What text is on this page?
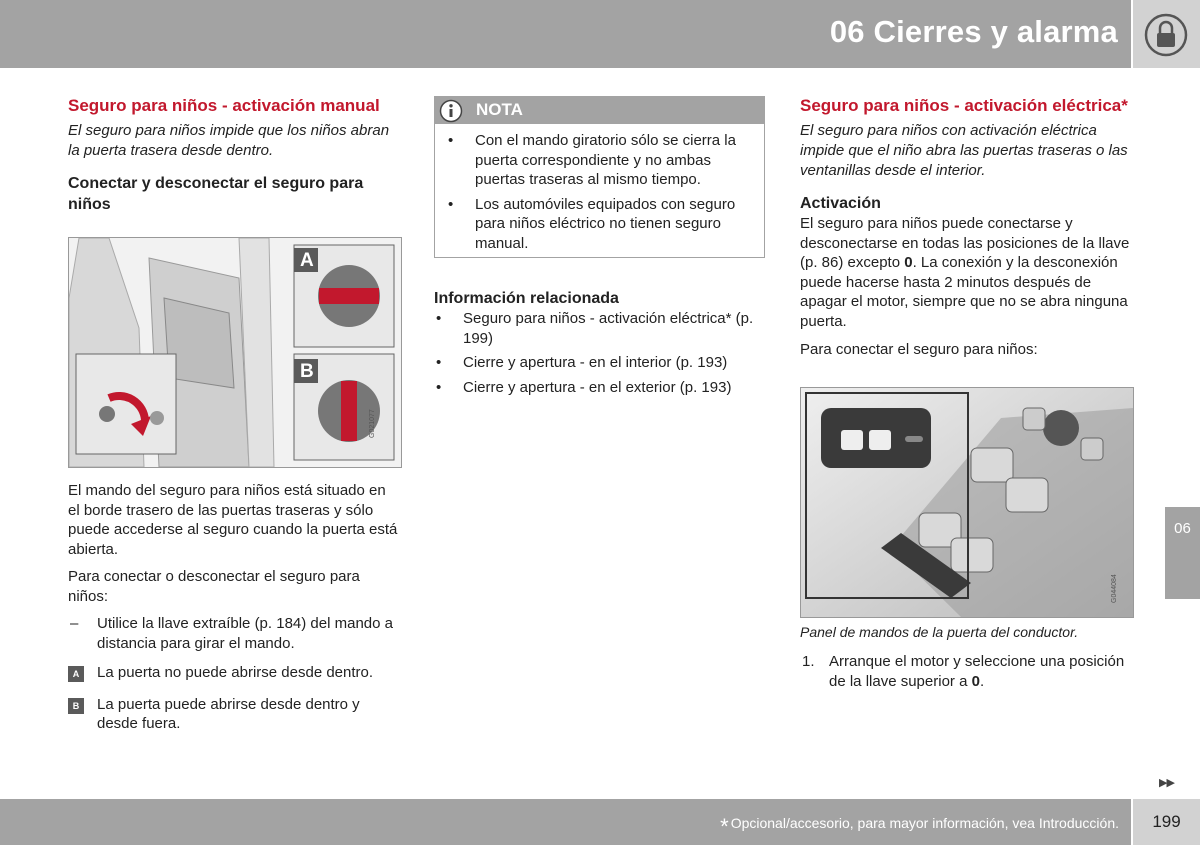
06 Cierres y alarma

Seguro para niños - activación manual

El seguro para niños impide que los niños abran la puerta trasera desde dentro.

Conectar y desconectar el seguro para niños

A
B
G021077

El mando del seguro para niños está situado en el borde trasero de las puertas traseras y sólo puede accederse al seguro cuando la puerta está abierta.

Para conectar o desconectar el seguro para niños:

– Utilice la llave extraíble (p. 184) del mando a distancia para girar el mando.
A	La puerta no puede abrirse desde dentro.
B	La puerta puede abrirse desde dentro y desde fuera.
NOTA
• Con el mando giratorio sólo se cierra la puerta correspondiente y no ambas puertas traseras al mismo tiempo.
• Los automóviles equipados con seguro para niños eléctrico no tienen seguro manual.

Información relacionada

• Seguro para niños - activación eléctrica* (p. 199)
• Cierre y apertura - en el interior (p. 193)
• Cierre y apertura - en el exterior (p. 193)

Seguro para niños - activación eléctrica*

El seguro para niños con activación eléctrica impide que el niño abra las puertas traseras o las ventanillas desde el interior.

Activación

El seguro para niños puede conectarse y desconectarse en todas las posiciones de la llave (p. 86) excepto 0. La conexión y la desconexión puede hacerse hasta 2 minutos después de apagar el motor, siempre que no se abra ninguna puerta.

Para conectar el seguro para niños:

G044084

Panel de mandos de la puerta del conductor.

1. Arranque el motor y seleccione una posición de la llave superior a 0.
06
▶▶
* Opcional/accesorio, para mayor información, vea Introducción.	199
